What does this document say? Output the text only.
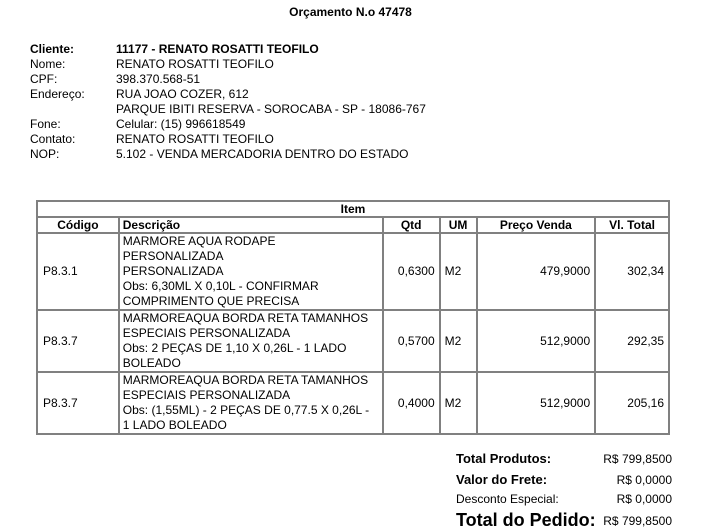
Orçamento N.o 47478
Cliente:	11177 - RENATO ROSATTI TEOFILO
Nome:	RENATO ROSATTI TEOFILO
CPF:	398.370.568-51
Endereço:	RUA JOAO COZER, 612
	PARQUE IBITI RESERVA - SOROCABA - SP - 18086-767
Fone:	Celular: (15) 996618549
Contato:	RENATO ROSATTI TEOFILO
NOP:	5.102 - VENDA MERCADORIA DENTRO DO ESTADO
Item					
Código	Descrição	Qtd	UM	Preço Venda	Vl. Total
P8.3.1	MARMORE AQUA RODAPE PERSONALIZADA
PERSONALIZADA
Obs: 6,30ML X 0,10L - CONFIRMAR
COMPRIMENTO QUE PRECISA	0,6300	M2	479,9000	302,34
P8.3.7	MARMOREAQUA BORDA RETA TAMANHOS
ESPECIAIS PERSONALIZADA
Obs: 2 PEÇAS DE 1,10 X 0,26L - 1 LADO
BOLEADO	0,5700	M2	512,9000	292,35
P8.3.7	MARMOREAQUA BORDA RETA TAMANHOS
ESPECIAIS PERSONALIZADA
Obs: (1,55ML) - 2 PEÇAS DE 0,77.5 X 0,26L -
1 LADO BOLEADO	0,4000	M2	512,9000	205,16
Total Produtos:	R$ 799,8500
Valor do Frete:	R$ 0,0000
Desconto Especial:	R$ 0,0000
Total do Pedido: R$ 799,8500
